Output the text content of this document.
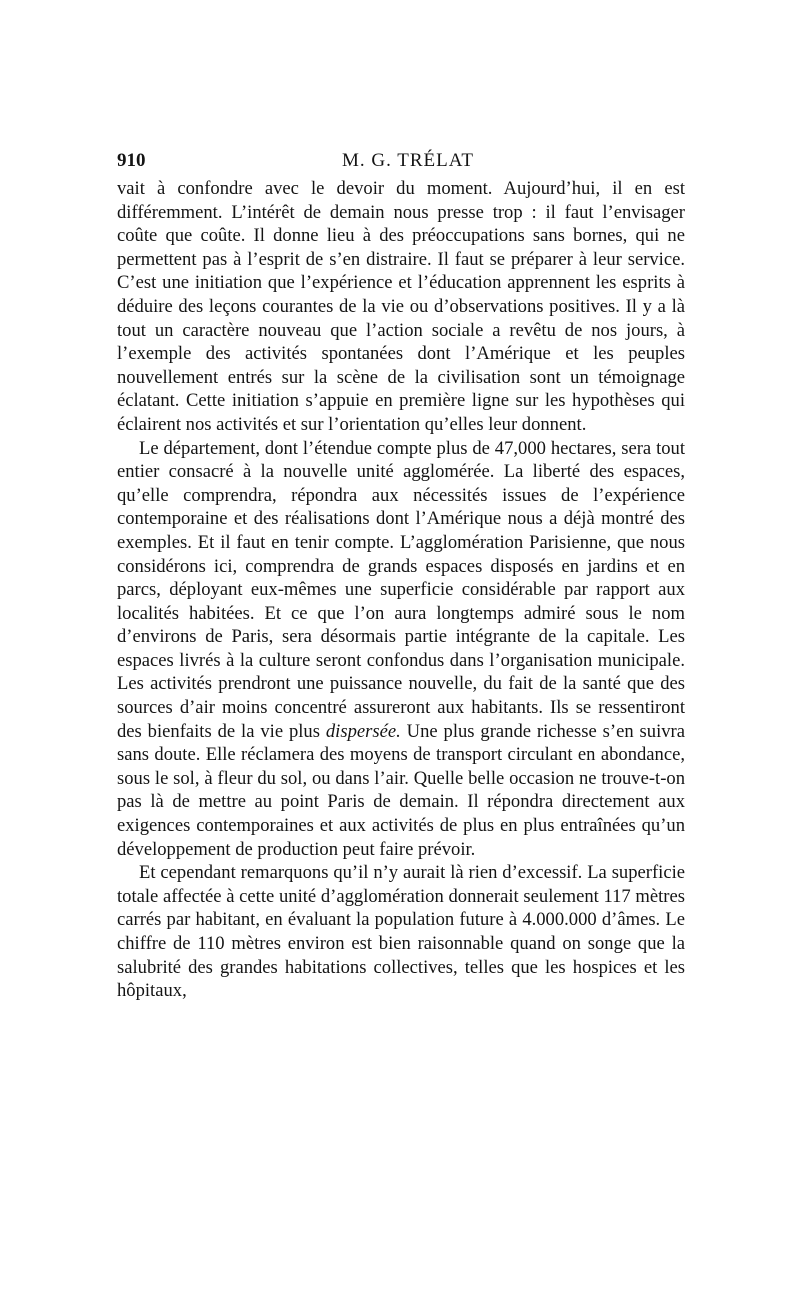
910	M. G. TRÉLAT

vait à confondre avec le devoir du moment. Aujourd’hui, il en est différemment. L’intérêt de demain nous presse trop : il faut l’envisager coûte que coûte. Il donne lieu à des préoccupations sans bornes, qui ne permettent pas à l’esprit de s’en distraire. Il faut se préparer à leur service. C’est une initiation que l’expérience et l’éducation apprennent les esprits à déduire des leçons courantes de la vie ou d’observations positives. Il y a là tout un caractère nouveau que l’action sociale a revêtu de nos jours, à l’exemple des activités spontanées dont l’Amérique et les peuples nouvellement entrés sur la scène de la civilisation sont un témoignage éclatant. Cette initiation s’appuie en première ligne sur les hypothèses qui éclairent nos activités et sur l’orientation qu’elles leur donnent.

Le département, dont l’étendue compte plus de 47,000 hectares, sera tout entier consacré à la nouvelle unité agglomérée. La liberté des espaces, qu’elle comprendra, répondra aux nécessités issues de l’expérience contemporaine et des réalisations dont l’Amérique nous a déjà montré des exemples. Et il faut en tenir compte. L’agglomération Parisienne, que nous considérons ici, comprendra de grands espaces disposés en jardins et en parcs, déployant eux-mêmes une superficie considérable par rapport aux localités habitées. Et ce que l’on aura longtemps admiré sous le nom d’environs de Paris, sera désormais partie intégrante de la capitale. Les espaces livrés à la culture seront confondus dans l’organisation municipale. Les activités prendront une puissance nouvelle, du fait de la santé que des sources d’air moins concentré assureront aux habitants. Ils se ressentiront des bienfaits de la vie plus dispersée. Une plus grande richesse s’en suivra sans doute. Elle réclamera des moyens de transport circulant en abondance, sous le sol, à fleur du sol, ou dans l’air. Quelle belle occasion ne trouve-t-on pas là de mettre au point Paris de demain. Il répondra directement aux exigences contemporaines et aux activités de plus en plus entraînées qu’un développement de production peut faire prévoir.

Et cependant remarquons qu’il n’y aurait là rien d’excessif. La superficie totale affectée à cette unité d’agglomération donnerait seulement 117 mètres carrés par habitant, en évaluant la population future à 4.000.000 d’âmes. Le chiffre de 110 mètres environ est bien raisonnable quand on songe que la salubrité des grandes habitations collectives, telles que les hospices et les hôpitaux,
